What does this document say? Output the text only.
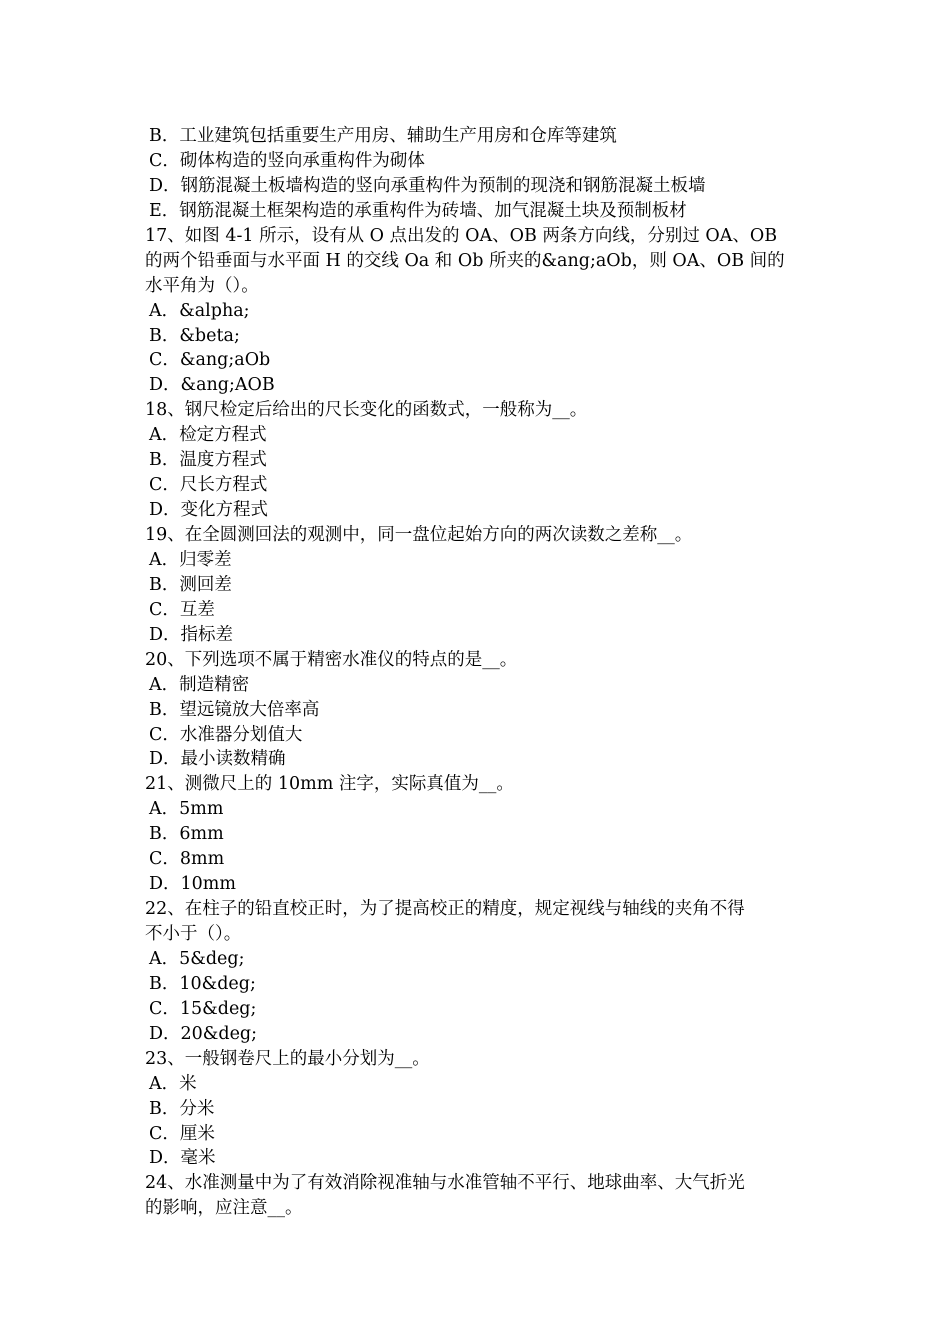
B．工业建筑包括重要生产用房、辅助生产用房和仓库等建筑
C．砌体构造的竖向承重构件为砌体
D．钢筋混凝土板墙构造的竖向承重构件为预制的现浇和钢筋混凝土板墙
E．钢筋混凝土框架构造的承重构件为砖墙、加气混凝土块及预制板材
17、如图 4-1 所示，设有从 O 点出发的 OA、OB 两条方向线，分别过 OA、OB
的两个铅垂面与水平面 H 的交线 Oa 和 Ob 所夹的&ang;aOb，则 OA、OB 间的
水平角为（）。
A．&alpha;
B．&beta;
C．&ang;aOb
D．&ang;AOB
18、钢尺检定后给出的尺长变化的函数式，一般称为__。
A．检定方程式
B．温度方程式
C．尺长方程式
D．变化方程式
19、在全圆测回法的观测中，同一盘位起始方向的两次读数之差称__。
A．归零差
B．测回差
C．互差
D．指标差
20、下列选项不属于精密水准仪的特点的是__。
A．制造精密
B．望远镜放大倍率高
C．水准器分划值大
D．最小读数精确
21、测微尺上的 10mm 注字，实际真值为__。
A．5mm
B．6mm
C．8mm
D．10mm
22、在柱子的铅直校正时，为了提高校正的精度，规定视线与轴线的夹角不得
不小于（）。
A．5&deg;
B．10&deg;
C．15&deg;
D．20&deg;
23、一般钢卷尺上的最小分划为__。
A．米
B．分米
C．厘米
D．毫米
24、水准测量中为了有效消除视准轴与水准管轴不平行、地球曲率、大气折光
的影响，应注意__。
